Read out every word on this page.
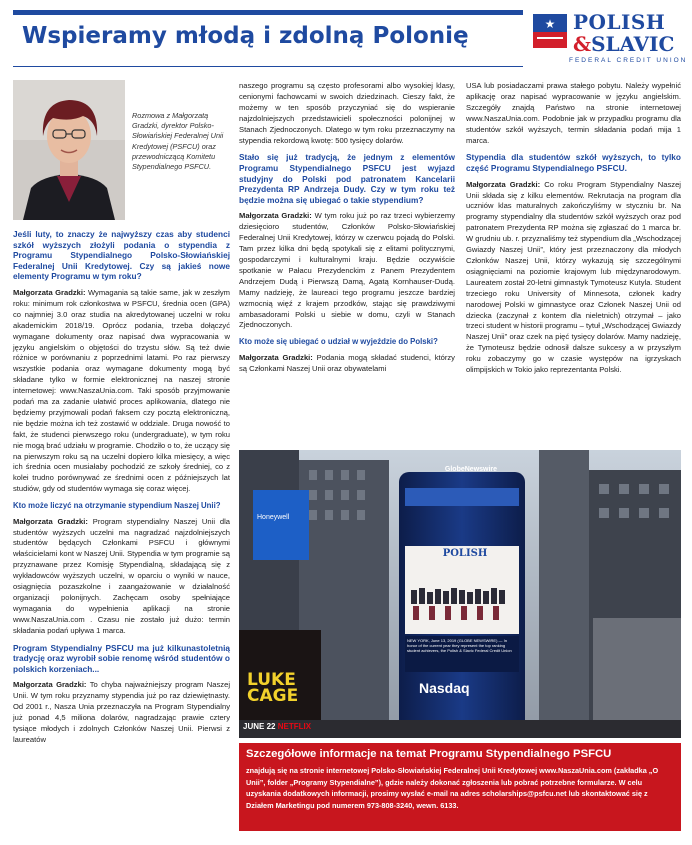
Wspieramy młodą i zdolną Polonię	★ POLISH
&SLAVIC
FEDERAL CREDIT UNION
Rozmowa z Małgorzatą Gradzki, dyrektor Polsko-Słowiańskiej Federalnej Unii Kredytowej (PSFCU) oraz przewodniczącą Komitetu Stypendialnego PSFCU.
Jeśli luty, to znaczy że najwyższy czas aby studenci szkół wyższych złożyli podania o stypendia z Programu Stypendialnego Polsko-Słowiańskiej Federalnej Unii Kredytowej. Czy są jakieś nowe elementy Programu w tym roku?

Małgorzata Gradzki: Wymagania są takie same, jak w zeszłym roku: minimum rok członkostwa w PSFCU, średnia ocen (GPA) co najmniej 3.0 oraz studia na akredytowanej uczelni w roku akademickim 2018/19. Oprócz podania, trzeba dołączyć wymagane dokumenty oraz napisać dwa wypracowania w języku angielskim o objętości do trzystu słów. Są też dwie różnice w porównaniu z poprzednimi latami. Po raz pierwszy wszystkie podania oraz wymagane dokumenty mogą być składane tylko w formie elektronicznej na naszej stronie internetowej: www.NaszaUnia.com. Taki sposób przyjmowanie podań ma za zadanie ułatwić proces aplikowania, dlatego nie będziemy przyjmowali podań faksem czy pocztą elektroniczną, nie będzie można ich też zostawić w oddziale. Druga nowość to fakt, że studenci pierwszego roku (undergraduate), w tym roku nie mogą brać udziału w programie. Chodziło o to, że uczący się na pierwszym roku są na uczelni dopiero kilka miesięcy, a więc ich średnia ocen musiałaby pochodzić ze szkoły średniej, co z kolei trudno porównywać ze średnimi ocen z późniejszych lat studiów, gdy od studentów wymaga się coraz więcej.

Kto może liczyć na otrzymanie stypendium Naszej Unii?

Małgorzata Gradzki: Program stypendialny Naszej Unii dla studentów wyższych uczelni ma nagradzać najzdolniejszych studentów będących Członkami PSFCU i głównymi właścicielami kont w Naszej Unii. Stypendia w tym programie są przyznawane przez Komisję Stypendialną, składającą się z wykładowców wyższych uczelni, w oparciu o wyniki w nauce, osiągnięcia pozaszkolne i zaangażowanie w działalność organizacji polonijnych. Zachęcam osoby spełniające wymagania do wypełnienia aplikacji na stronie www.NaszaUnia.com . Czasu nie zostało już dużo: termin składania podań upływa 1 marca.

Program Stypendialny PSFCU ma już kilkunastoletnią tradycję oraz wyrobił sobie renomę wśród studentów o polskich korzeniach...

Małgorzata Gradzki: To chyba najważniejszy program Naszej Unii. W tym roku przyznamy stypendia już po raz dziewiętnasty. Od 2001 r., Nasza Unia przeznaczyła na Program Stypendialny już ponad 4,5 miliona dolarów, nagradzając prawie cztery tysiące młodych i zdolnych Członków Naszej Unii. Pierwsi z laureatów

naszego programu są często profesorami albo wysokiej klasy, cenionymi fachowcami w swoich dziedzinach. Cieszy fakt, że możemy w ten sposób przyczyniać się do wspieranie najzdolniejszych przedstawicieli społeczności polonijnej w Stanach Zjednoczonych. Dlatego w tym roku przeznaczymy na stypendia rekordową kwotę: 500 tysięcy dolarów.

Stało się już tradycją, że jednym z elementów Programu Stypendialnego PSFCU jest wyjazd studyjny do Polski pod patronatem Kancelarii Prezydenta RP Andrzeja Dudy. Czy w tym roku też będzie można się ubiegać o takie stypendium?

Małgorzata Gradzki: W tym roku już po raz trzeci wybierzemy dziesięciorо studentów, Członków Polsko-Słowiańskiej Federalnej Unii Kredytowej, którzy w czerwcu pojadą do Polski. Tam przez kilka dni będą spotykali się z elitami politycznymi, gospodarczymi i kulturalnymi kraju. Będzie oczywiście spotkanie w Pałacu Prezydenckim z Panem Prezydentem Andrzejem Dudą i Pierwszą Damą, Agatą Kornhauser-Dudą. Mamy nadzieję, że laureaci tego programu jeszcze bardziej wzmocnią więź z krajem przodków, stając się prawdziwymi ambasadorami Polski u siebie w domu, czyli w Stanach Zjednoczonych.

Kto może się ubiegać o udział w wyjeździe do Polski?

Małgorzata Gradzki: Podania mogą składać studenci, którzy są Członkami Naszej Unii oraz obywatelami

USA lub posiadaczami prawa stałego pobytu. Należy wypełnić aplikację oraz napisać wypracowanie w języku angielskim. Szczegóły znajdą Państwo na stronie internetowej www.NaszaUnia.com. Podobnie jak w przypadku programu dla studentów szkół wyższych, termin składania podań mija 1 marca.

Stypendia dla studentów szkół wyższych, to tylko część Programu Stypendialnego PSFCU.

Małgorzata Gradzki: Co roku Program Stypendialny Naszej Unii składa się z kilku elementów. Rekrutacja na program dla uczniów klas maturalnych zakończyliśmy w styczniu br. Na programy stypendialny dla studentów szkół wyższych oraz pod patronatem Prezydenta RP można się zgłaszać do 1 marca br. W grudniu ub. r. przyznaliśmy też stypendium dla „Wschodzącej Gwiazdy Naszej Unii”, który jest przeznaczony dla młodych Członków Naszej Unii, którzy wykazują się szczególnymi osiągnięciami na poziomie krajowym lub międzynarodowym. Laureatem został 20-letni gimnastyk Tymoteusz Kutyla. Student trzeciego roku University of Minnesota, członek kadry narodowej Polski w gimnastyce oraz Członek Naszej Unii od dziecka (zaczynał z kontem dla nieletnich) otrzymał – jako trzeci student w historii programu – tytuł „Wschodzącej Gwiazdy Naszej Unii” oraz czek na pięć tysięcy dolarów. Mamy nadzieję, że Tymoteusz będzie odnosił dalsze sukcesy a w przyszłym roku zobaczymy go w czasie występów na igrzyskach olimpijskich w Tokio jako reprezentanta Polski.

GlobeNewswire
POLISH
NEW YORK, June 13, 2019 (GLOBE NEWSWIRE) — In honor of the current year they represent the top ranking student achievers, the Polish & Slavic Federal Credit Union
Nasdaq
Honeywell
LUKE
CAGE
JUNE 22 NETFLIX
Szczegółowe informacje na temat Programu Stypendialnego PSFCU
znajdują się na stronie internetowej Polsko-Słowiańskiej Federalnej Unii Kredytowej www.NaszaUnia.com (zakładka „O Unii”, folder „Programy Stypendialne”), gdzie należy dokonać zgłoszenia lub pobrać potrzebne formularze. W celu uzyskania dodatkowych informacji, prosimy wysłać e-mail na adres scholarships@psfcu.net lub skontaktować się z Działem Marketingu pod numerem 973-808-3240, wewn. 6133.
